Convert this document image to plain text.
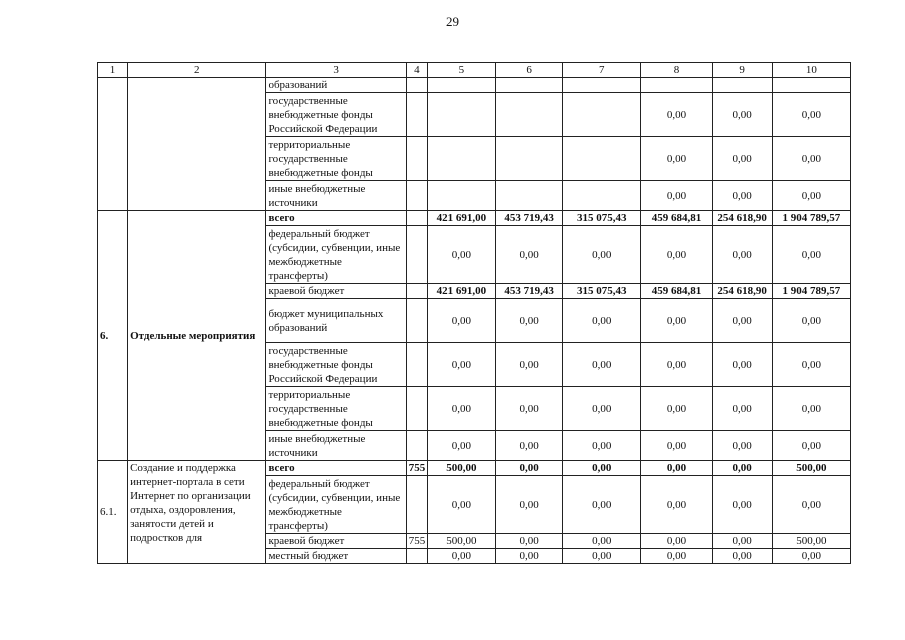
29
1	2	3	4	5	6	7	8	9	10
		образований							
		государственные внебюджетные фонды Российской Федерации					0,00	0,00	0,00
		территориальные государственные внебюджетные фонды					0,00	0,00	0,00
		иные внебюджетные источники					0,00	0,00	0,00
6.	Отдельные мероприятия	всего		421 691,00	453 719,43	315 075,43	459 684,81	254 618,90	1 904 789,57
		федеральный бюджет (субсидии, субвенции, иные межбюджетные трансферты)		0,00	0,00	0,00	0,00	0,00	0,00
		краевой бюджет		421 691,00	453 719,43	315 075,43	459 684,81	254 618,90	1 904 789,57
		бюджет муниципальных образований		0,00	0,00	0,00	0,00	0,00	0,00
		государственные внебюджетные фонды Российской Федерации		0,00	0,00	0,00	0,00	0,00	0,00
		территориальные государственные внебюджетные фонды		0,00	0,00	0,00	0,00	0,00	0,00
		иные внебюджетные источники		0,00	0,00	0,00	0,00	0,00	0,00
6.1.	Создание и поддержка интернет-портала в сети Интернет по организации отдыха, оздоровления, занятости детей и подростков для	всего	755	500,00	0,00	0,00	0,00	0,00	500,00
		федеральный бюджет (субсидии, субвенции, иные межбюджетные трансферты)		0,00	0,00	0,00	0,00	0,00	0,00
		краевой бюджет	755	500,00	0,00	0,00	0,00	0,00	500,00
		местный бюджет		0,00	0,00	0,00	0,00	0,00	0,00
